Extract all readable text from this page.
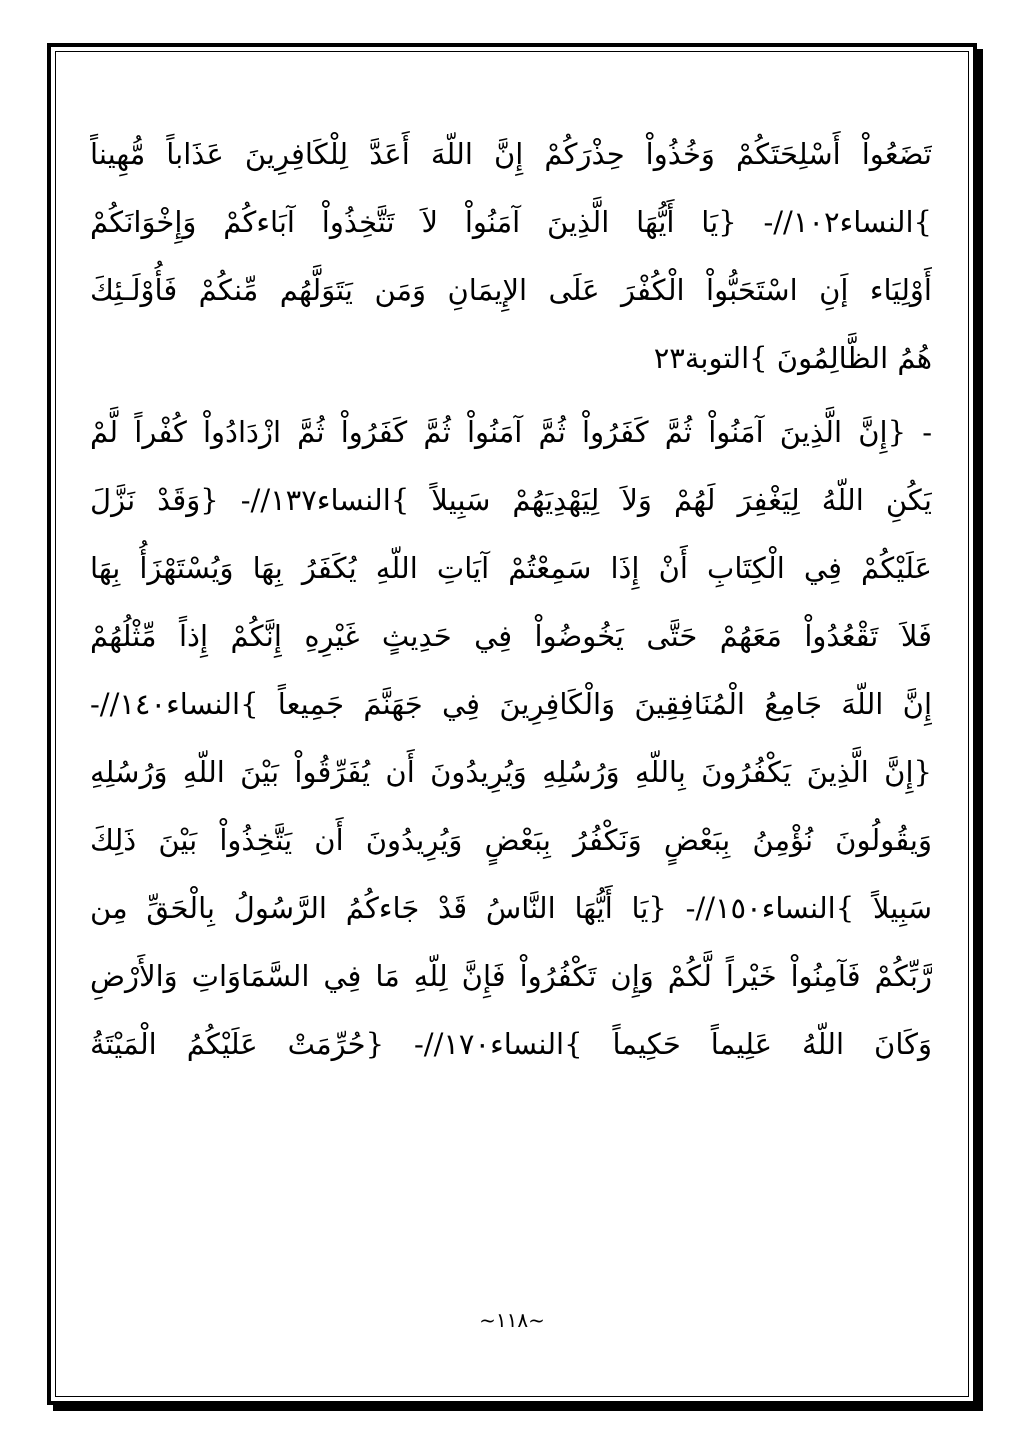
تَضَعُواْ أَسْلِحَتَكُمْ وَخُذُواْ حِذْرَكُمْ إِنَّ اللّهَ أَعَدَّ لِلْكَافِرِينَ عَذَاباً مُّهِيناً
}النساء١٠٢//- {يَا أَيُّهَا الَّذِينَ آمَنُواْ لاَ تَتَّخِذُواْ آبَاءكُمْ وَإِخْوَانَكُمْ
أَوْلِيَاء إَنِ اسْتَحَبُّواْ الْكُفْرَ عَلَى الإِيمَانِ وَمَن يَتَوَلَّهُم مِّنكُمْ فَأُوْلَـئِكَ
هُمُ الظَّالِمُونَ }التوبة٢٣
- {إِنَّ الَّذِينَ آمَنُواْ ثُمَّ كَفَرُواْ ثُمَّ آمَنُواْ ثُمَّ كَفَرُواْ ثُمَّ ازْدَادُواْ كُفْراً لَّمْ
يَكُنِ اللّهُ لِيَغْفِرَ لَهُمْ وَلاَ لِيَهْدِيَهُمْ سَبِيلاً }النساء١٣٧//- {وَقَدْ نَزَّلَ
عَلَيْكُمْ فِي الْكِتَابِ أَنْ إِذَا سَمِعْتُمْ آيَاتِ اللّهِ يُكَفَرُ بِهَا وَيُسْتَهْزَأُ بِهَا
فَلاَ تَقْعُدُواْ مَعَهُمْ حَتَّى يَخُوضُواْ فِي حَدِيثٍ غَيْرِهِ إِنَّكُمْ إِذاً مِّثْلُهُمْ
إِنَّ اللّهَ جَامِعُ الْمُنَافِقِينَ وَالْكَافِرِينَ فِي جَهَنَّمَ جَمِيعاً }النساء١٤٠//-
{إِنَّ الَّذِينَ يَكْفُرُونَ بِاللّهِ وَرُسُلِهِ وَيُرِيدُونَ أَن يُفَرِّقُواْ بَيْنَ اللّهِ وَرُسُلِهِ
وَيقُولُونَ نُؤْمِنُ بِبَعْضٍ وَنَكْفُرُ بِبَعْضٍ وَيُرِيدُونَ أَن يَتَّخِذُواْ بَيْنَ ذَلِكَ
سَبِيلاً }النساء١٥٠//- {يَا أَيُّهَا النَّاسُ قَدْ جَاءكُمُ الرَّسُولُ بِالْحَقِّ مِن
رَّبِّكُمْ فَآمِنُواْ خَيْراً لَّكُمْ وَإِن تَكْفُرُواْ فَإِنَّ لِلّهِ مَا فِي السَّمَاوَاتِ وَالأَرْضِ
وَكَانَ اللّهُ عَلِيماً حَكِيماً }النساء١٧٠//- {حُرِّمَتْ عَلَيْكُمُ الْمَيْتَةُ
~١١٨~
